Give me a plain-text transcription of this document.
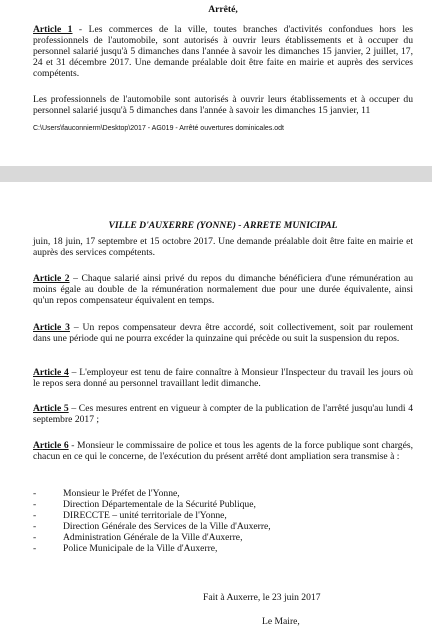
Arrêté,
Article 1 - Les commerces de la ville, toutes branches d'activités confondues hors les professionnels de l'automobile, sont autorisés à ouvrir leurs établissements et à occuper du personnel salarié jusqu'à 5 dimanches dans l'année à savoir les dimanches 15 janvier, 2 juillet, 17, 24 et 31 décembre 2017. Une demande préalable doit être faite en mairie et auprès des services compétents.
Les professionnels de l'automobile sont autorisés à ouvrir leurs établissements et à occuper du personnel salarié jusqu'à 5 dimanches dans l'année à savoir les dimanches 15 janvier, 11
C:\Users\fauconnierm\Desktop\2017 - AG019 - Arrêté ouvertures dominicales.odt
VILLE D'AUXERRE (YONNE) - ARRETE MUNICIPAL
juin, 18 juin, 17 septembre et 15 octobre 2017. Une demande préalable doit être faite en mairie et auprès des services compétents.
Article 2 – Chaque salarié ainsi privé du repos du dimanche bénéficiera d'une rémunération au moins égale au double de la rémunération normalement due pour une durée équivalente, ainsi qu'un repos compensateur équivalent en temps.
Article 3 – Un repos compensateur devra être accordé, soit collectivement, soit par roulement dans une période qui ne pourra excéder la quinzaine qui précède ou suit la suspension du repos.
Article 4 – L'employeur est tenu de faire connaître à Monsieur l'Inspecteur du travail les jours où le repos sera donné au personnel travaillant ledit dimanche.
Article 5 – Ces mesures entrent en vigueur à compter de la publication de l'arrêté jusqu'au lundi 4 septembre 2017 ;
Article 6 - Monsieur le commissaire de police et tous les agents de la force publique sont chargés, chacun en ce qui le concerne, de l'exécution du présent arrêté dont ampliation sera transmise à :
-	Monsieur le Préfet de l'Yonne,
-	Direction Départementale de la Sécurité Publique,
-	DIRECCTE – unité territoriale de l'Yonne,
-	Direction Générale des Services de la Ville d'Auxerre,
-	Administration Générale de la Ville d'Auxerre,
-	Police Municipale de la Ville d'Auxerre,
Fait à Auxerre, le 23 juin 2017
Le Maire,
